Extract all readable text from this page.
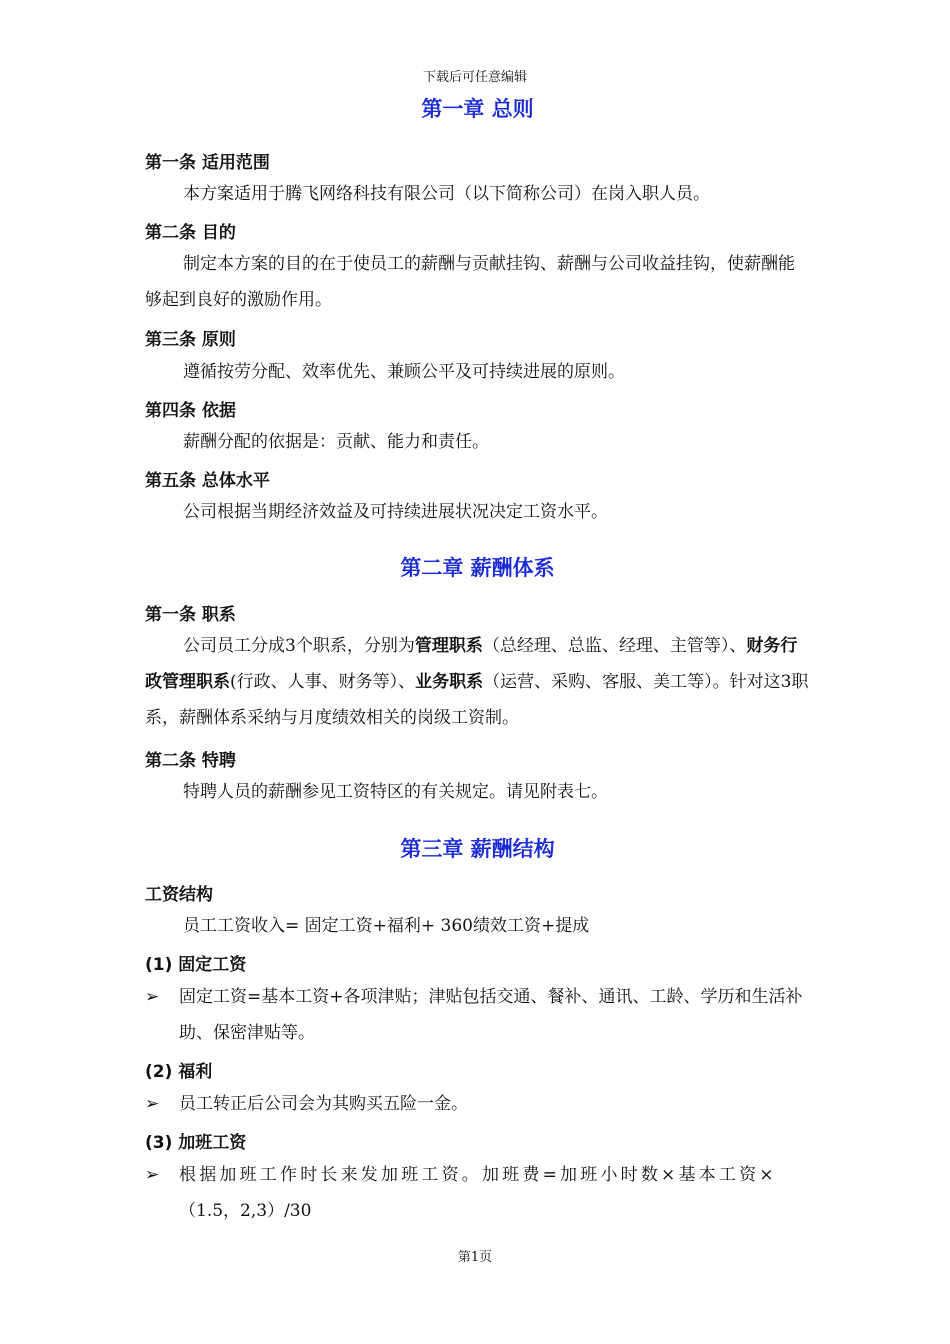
下载后可任意编辑
第一章 总则
第一条 适用范围
本方案适用于腾飞网络科技有限公司（以下简称公司）在岗入职人员。
第二条 目的
制定本方案的目的在于使员工的薪酬与贡献挂钩、薪酬与公司收益挂钩，使薪酬能够起到良好的激励作用。
第三条 原则
遵循按劳分配、效率优先、兼顾公平及可持续进展的原则。
第四条 依据
薪酬分配的依据是：贡献、能力和责任。
第五条 总体水平
公司根据当期经济效益及可持续进展状况决定工资水平。
第二章 薪酬体系
第一条 职系
公司员工分成3个职系，分别为管理职系（总经理、总监、经理、主管等）、财务行政管理职系(行政、人事、财务等）、业务职系（运营、采购、客服、美工等）。针对这3职系，薪酬体系采纳与月度绩效相关的岗级工资制。
第二条 特聘
特聘人员的薪酬参见工资特区的有关规定。请见附表七。
第三章 薪酬结构
工资结构
员工工资收入= 固定工资+福利+ 360绩效工资+提成
(1) 固定工资
➢ 固定工资=基本工资+各项津贴；津贴包括交通、餐补、通讯、工龄、学历和生活补助、保密津贴等。
(2) 福利
➢ 员工转正后公司会为其购买五险一金。
(3) 加班工资
➢ 根据加班工作时长来发加班工资。加班费=加班小时数×基本工资×
（1.5，2,3）/30
第1页
